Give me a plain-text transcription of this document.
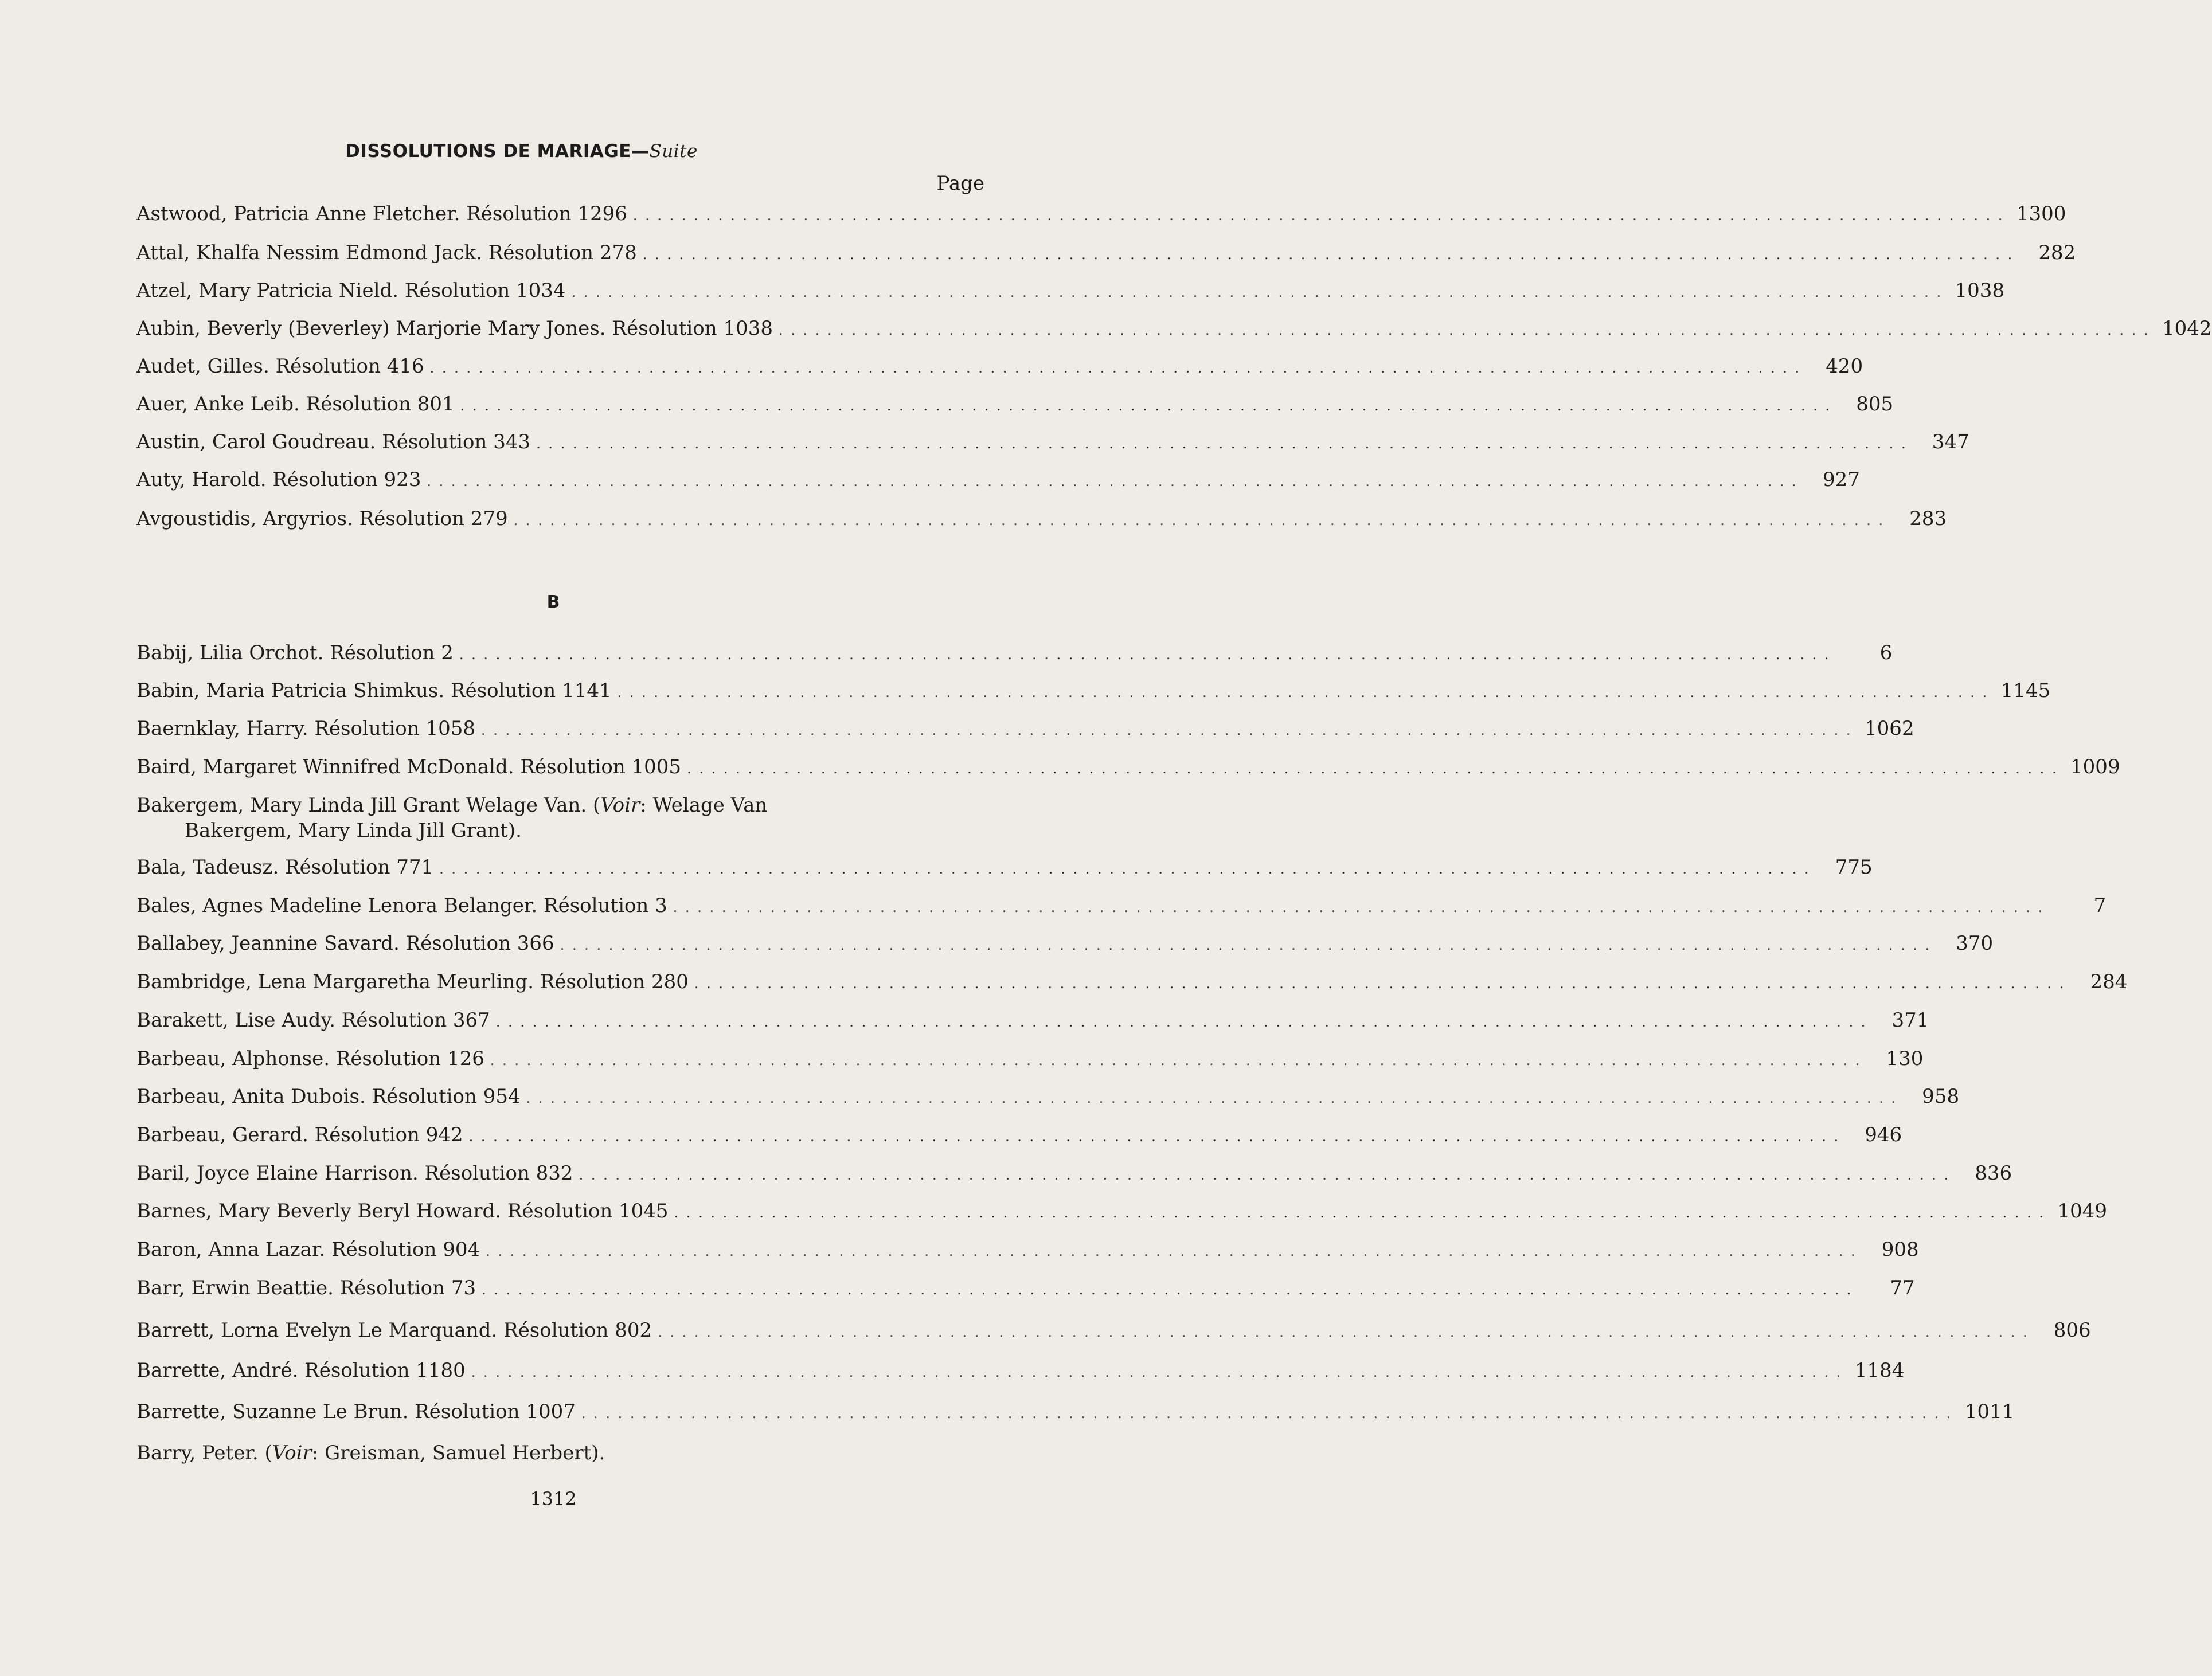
DISSOLUTIONS DE MARIAGE—Suite
Page
Astwood, Patricia Anne Fletcher. Résolution 1296 . . . . . . . . . . . . . . . . . . . . . . . . . . . . . . . . . . . . . . . . . . . . . . . . . . . . . . . . . . . . . . . . . . . . . . . . . . . . . . . . . . . . . . . . . . . . . . . . . . . . . . . . . . . . . . . . . 1300
Attal, Khalfa Nessim Edmond Jack. Résolution 278 . . . . . . . . . . . . . . . . . . . . . . . . . . . . . . . . . . . . . . . . . . . . . . . . . . . . . . . . . . . . . . . . . . . . . . . . . . . . . . . . . . . . . . . . . . . . . . . . . . . . . . . . . . . . . . . . .	282
Atzel, Mary Patricia Nield. Résolution 1034 . . . . . . . . . . . . . . . . . . . . . . . . . . . . . . . . . . . . . . . . . . . . . . . . . . . . . . . . . . . . . . . . . . . . . . . . . . . . . . . . . . . . . . . . . . . . . . . . . . . . . . . . . . . . . . . . . 1038
Aubin, Beverly (Beverley) Marjorie Mary Jones. Résolution 1038 . . . . . . . . . . . . . . . . . . . . . . . . . . . . . . . . . . . . . . . . . . . . . . . . . . . . . . . . . . . . . . . . . . . . . . . . . . . . . . . . . . . . . . . . . . . . . . . . . . . . . . . . . . . . . . . . . 1042
Audet, Gilles. Résolution 416 . . . . . . . . . . . . . . . . . . . . . . . . . . . . . . . . . . . . . . . . . . . . . . . . . . . . . . . . . . . . . . . . . . . . . . . . . . . . . . . . . . . . . . . . . . . . . . . . . . . . . . . . . . . . . . . . .	420
Auer, Anke Leib. Résolution 801 . . . . . . . . . . . . . . . . . . . . . . . . . . . . . . . . . . . . . . . . . . . . . . . . . . . . . . . . . . . . . . . . . . . . . . . . . . . . . . . . . . . . . . . . . . . . . . . . . . . . . . . . . . . . . . . . .	805
Austin, Carol Goudreau. Résolution 343 . . . . . . . . . . . . . . . . . . . . . . . . . . . . . . . . . . . . . . . . . . . . . . . . . . . . . . . . . . . . . . . . . . . . . . . . . . . . . . . . . . . . . . . . . . . . . . . . . . . . . . . . . . . . . . . . .	347
Auty, Harold. Résolution 923 . . . . . . . . . . . . . . . . . . . . . . . . . . . . . . . . . . . . . . . . . . . . . . . . . . . . . . . . . . . . . . . . . . . . . . . . . . . . . . . . . . . . . . . . . . . . . . . . . . . . . . . . . . . . . . . . .	927
Avgoustidis, Argyrios. Résolution 279 . . . . . . . . . . . . . . . . . . . . . . . . . . . . . . . . . . . . . . . . . . . . . . . . . . . . . . . . . . . . . . . . . . . . . . . . . . . . . . . . . . . . . . . . . . . . . . . . . . . . . . . . . . . . . . . . .	283
Babij, Lilia Orchot. Résolution 2 . . . . . . . . . . . . . . . . . . . . . . . . . . . . . . . . . . . . . . . . . . . . . . . . . . . . . . . . . . . . . . . . . . . . . . . . . . . . . . . . . . . . . . . . . . . . . . . . . . . . . . . . . . . . . . . . .	6
Babin, Maria Patricia Shimkus. Résolution 1141 . . . . . . . . . . . . . . . . . . . . . . . . . . . . . . . . . . . . . . . . . . . . . . . . . . . . . . . . . . . . . . . . . . . . . . . . . . . . . . . . . . . . . . . . . . . . . . . . . . . . . . . . . . . . . . . . . 1145
Baernklay, Harry. Résolution 1058 . . . . . . . . . . . . . . . . . . . . . . . . . . . . . . . . . . . . . . . . . . . . . . . . . . . . . . . . . . . . . . . . . . . . . . . . . . . . . . . . . . . . . . . . . . . . . . . . . . . . . . . . . . . . . . . . . 1062
Baird, Margaret Winnifred McDonald. Résolution 1005 . . . . . . . . . . . . . . . . . . . . . . . . . . . . . . . . . . . . . . . . . . . . . . . . . . . . . . . . . . . . . . . . . . . . . . . . . . . . . . . . . . . . . . . . . . . . . . . . . . . . . . . . . . . . . . . . . 1009
Bakergem, Mary Linda Jill Grant Welage Van. (Voir: Welage Van
Bakergem, Mary Linda Jill Grant).
Bala, Tadeusz. Résolution 771 . . . . . . . . . . . . . . . . . . . . . . . . . . . . . . . . . . . . . . . . . . . . . . . . . . . . . . . . . . . . . . . . . . . . . . . . . . . . . . . . . . . . . . . . . . . . . . . . . . . . . . . . . . . . . . . . .	775
Bales, Agnes Madeline Lenora Belanger. Résolution 3 . . . . . . . . . . . . . . . . . . . . . . . . . . . . . . . . . . . . . . . . . . . . . . . . . . . . . . . . . . . . . . . . . . . . . . . . . . . . . . . . . . . . . . . . . . . . . . . . . . . . . . . . . . . . . . . . .	7
Ballabey, Jeannine Savard. Résolution 366 . . . . . . . . . . . . . . . . . . . . . . . . . . . . . . . . . . . . . . . . . . . . . . . . . . . . . . . . . . . . . . . . . . . . . . . . . . . . . . . . . . . . . . . . . . . . . . . . . . . . . . . . . . . . . . . . .	370
Bambridge, Lena Margaretha Meurling. Résolution 280 . . . . . . . . . . . . . . . . . . . . . . . . . . . . . . . . . . . . . . . . . . . . . . . . . . . . . . . . . . . . . . . . . . . . . . . . . . . . . . . . . . . . . . . . . . . . . . . . . . . . . . . . . . . . . . . . .	284
Barakett, Lise Audy. Résolution 367 . . . . . . . . . . . . . . . . . . . . . . . . . . . . . . . . . . . . . . . . . . . . . . . . . . . . . . . . . . . . . . . . . . . . . . . . . . . . . . . . . . . . . . . . . . . . . . . . . . . . . . . . . . . . . . . . .	371
Barbeau, Alphonse. Résolution 126 . . . . . . . . . . . . . . . . . . . . . . . . . . . . . . . . . . . . . . . . . . . . . . . . . . . . . . . . . . . . . . . . . . . . . . . . . . . . . . . . . . . . . . . . . . . . . . . . . . . . . . . . . . . . . . . . .	130
Barbeau, Anita Dubois. Résolution 954 . . . . . . . . . . . . . . . . . . . . . . . . . . . . . . . . . . . . . . . . . . . . . . . . . . . . . . . . . . . . . . . . . . . . . . . . . . . . . . . . . . . . . . . . . . . . . . . . . . . . . . . . . . . . . . . . .	958
Barbeau, Gerard. Résolution 942 . . . . . . . . . . . . . . . . . . . . . . . . . . . . . . . . . . . . . . . . . . . . . . . . . . . . . . . . . . . . . . . . . . . . . . . . . . . . . . . . . . . . . . . . . . . . . . . . . . . . . . . . . . . . . . . . .	946
Baril, Joyce Elaine Harrison. Résolution 832 . . . . . . . . . . . . . . . . . . . . . . . . . . . . . . . . . . . . . . . . . . . . . . . . . . . . . . . . . . . . . . . . . . . . . . . . . . . . . . . . . . . . . . . . . . . . . . . . . . . . . . . . . . . . . . . . .	836
Barnes, Mary Beverly Beryl Howard. Résolution 1045 . . . . . . . . . . . . . . . . . . . . . . . . . . . . . . . . . . . . . . . . . . . . . . . . . . . . . . . . . . . . . . . . . . . . . . . . . . . . . . . . . . . . . . . . . . . . . . . . . . . . . . . . . . . . . . . . . 1049
Baron, Anna Lazar. Résolution 904 . . . . . . . . . . . . . . . . . . . . . . . . . . . . . . . . . . . . . . . . . . . . . . . . . . . . . . . . . . . . . . . . . . . . . . . . . . . . . . . . . . . . . . . . . . . . . . . . . . . . . . . . . . . . . . . . .	908
Barr, Erwin Beattie. Résolution 73 . . . . . . . . . . . . . . . . . . . . . . . . . . . . . . . . . . . . . . . . . . . . . . . . . . . . . . . . . . . . . . . . . . . . . . . . . . . . . . . . . . . . . . . . . . . . . . . . . . . . . . . . . . . . . . . . .	77
Barrett, Lorna Evelyn Le Marquand. Résolution 802 . . . . . . . . . . . . . . . . . . . . . . . . . . . . . . . . . . . . . . . . . . . . . . . . . . . . . . . . . . . . . . . . . . . . . . . . . . . . . . . . . . . . . . . . . . . . . . . . . . . . . . . . . . . . . . . . .	806
Barrette, André. Résolution 1180 . . . . . . . . . . . . . . . . . . . . . . . . . . . . . . . . . . . . . . . . . . . . . . . . . . . . . . . . . . . . . . . . . . . . . . . . . . . . . . . . . . . . . . . . . . . . . . . . . . . . . . . . . . . . . . . . . 1184
Barrette, Suzanne Le Brun. Résolution 1007 . . . . . . . . . . . . . . . . . . . . . . . . . . . . . . . . . . . . . . . . . . . . . . . . . . . . . . . . . . . . . . . . . . . . . . . . . . . . . . . . . . . . . . . . . . . . . . . . . . . . . . . . . . . . . . . . . 1011
Barry, Peter. (Voir: Greisman, Samuel Herbert).
B
1312
